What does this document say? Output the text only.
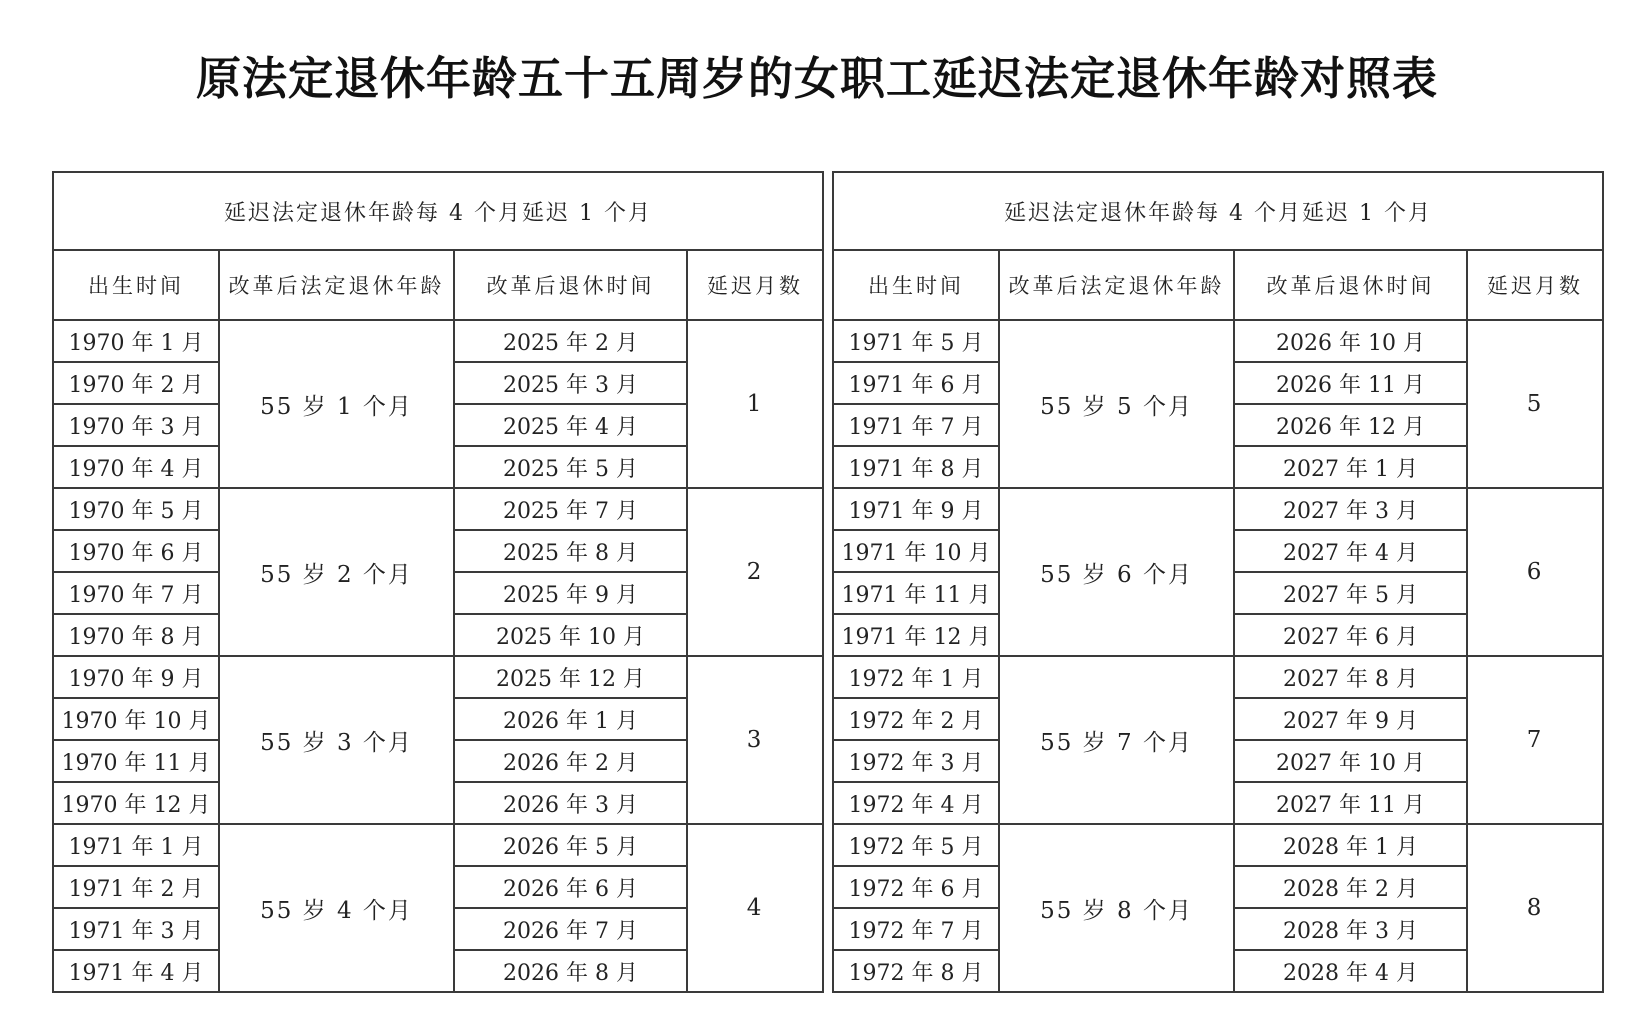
原法定退休年龄五十五周岁的女职工延迟法定退休年龄对照表
延迟法定退休年龄每 4 个月延迟 1 个月			
出生时间	改革后法定退休年龄	改革后退休时间	延迟月数
1970 年 1 月	55 岁 1 个月	2025 年 2 月	1
1970 年 2 月		2025 年 3 月	
1970 年 3 月		2025 年 4 月	
1970 年 4 月		2025 年 5 月	
1970 年 5 月	55 岁 2 个月	2025 年 7 月	2
1970 年 6 月		2025 年 8 月	
1970 年 7 月		2025 年 9 月	
1970 年 8 月		2025 年 10 月	
1970 年 9 月	55 岁 3 个月	2025 年 12 月	3
1970 年 10 月		2026 年 1 月	
1970 年 11 月		2026 年 2 月	
1970 年 12 月		2026 年 3 月	
1971 年 1 月	55 岁 4 个月	2026 年 5 月	4
1971 年 2 月		2026 年 6 月	
1971 年 3 月		2026 年 7 月	
1971 年 4 月		2026 年 8 月	
延迟法定退休年龄每 4 个月延迟 1 个月			
出生时间	改革后法定退休年龄	改革后退休时间	延迟月数
1971 年 5 月	55 岁 5 个月	2026 年 10 月	5
1971 年 6 月		2026 年 11 月	
1971 年 7 月		2026 年 12 月	
1971 年 8 月		2027 年 1 月	
1971 年 9 月	55 岁 6 个月	2027 年 3 月	6
1971 年 10 月		2027 年 4 月	
1971 年 11 月		2027 年 5 月	
1971 年 12 月		2027 年 6 月	
1972 年 1 月	55 岁 7 个月	2027 年 8 月	7
1972 年 2 月		2027 年 9 月	
1972 年 3 月		2027 年 10 月	
1972 年 4 月		2027 年 11 月	
1972 年 5 月	55 岁 8 个月	2028 年 1 月	8
1972 年 6 月		2028 年 2 月	
1972 年 7 月		2028 年 3 月	
1972 年 8 月		2028 年 4 月	
